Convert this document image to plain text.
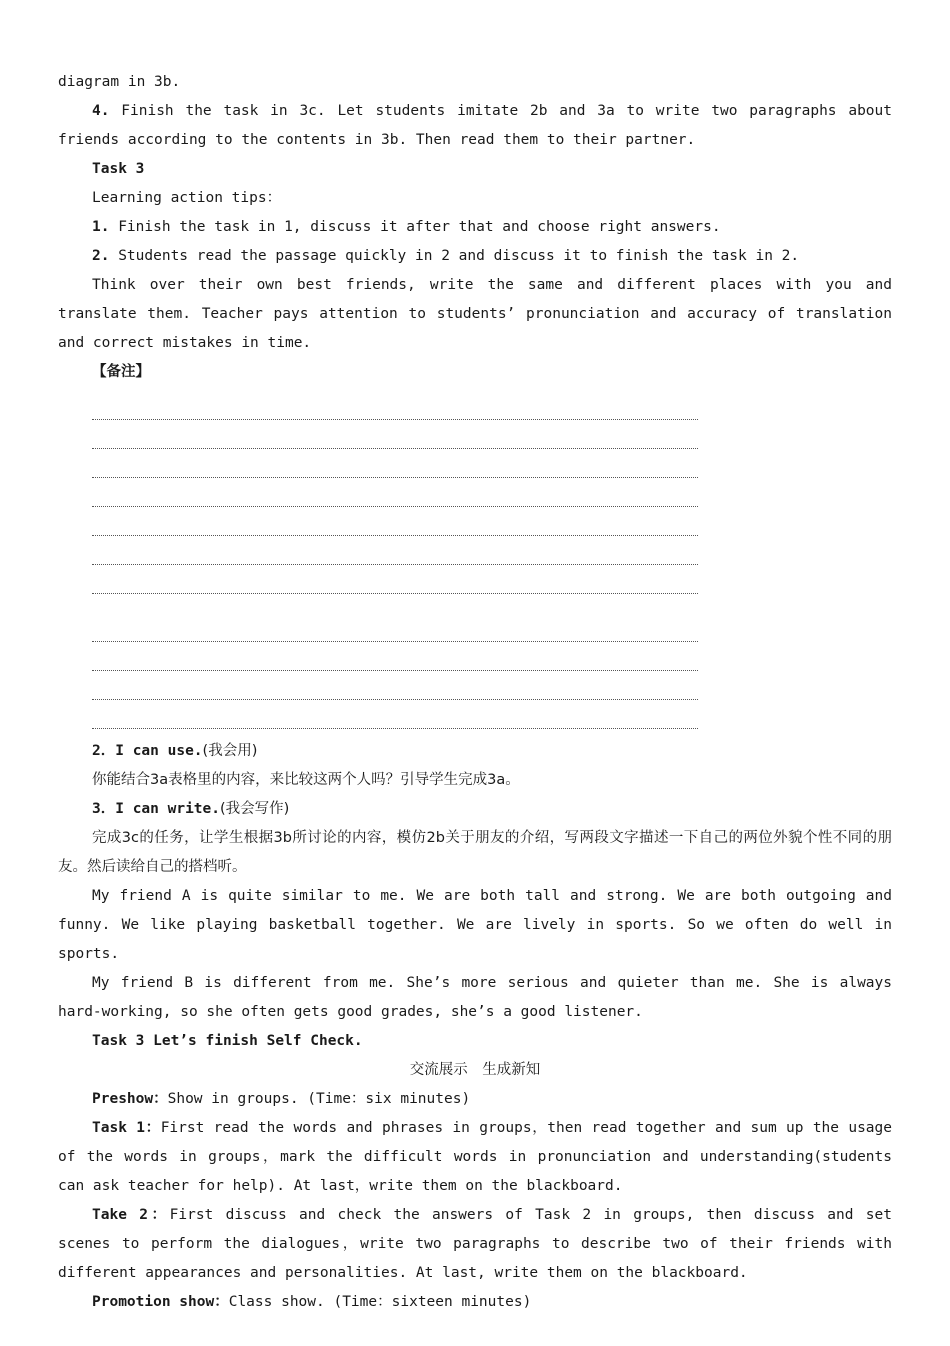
diagram in 3b.
4. Finish the task in 3c. Let students imitate 2b and 3a to write two paragraphs about friends according to the contents in 3b. Then read them to their partner.
Task 3
Learning action tips：
1. Finish the task in 1, discuss it after that and choose right answers.
2. Students read the passage quickly in 2 and discuss it to finish the task in 2.
Think over their own best friends, write the same and different places with you and translate them. Teacher pays attention to students’ pronunciation and accuracy of translation and correct mistakes in time.
【备注】
2．I can use.(我会用)
你能结合3a表格里的内容，来比较这两个人吗？引导学生完成3a。
3．I can write.(我会写作)
完成3c的任务，让学生根据3b所讨论的内容，模仿2b关于朋友的介绍，写两段文字描述一下自己的两位外貌个性不同的朋友。然后读给自己的搭档听。
My friend A is quite similar to me. We are both tall and strong. We are both outgoing and funny. We like playing basketball together. We are lively in sports. So we often do well in sports.
My friend B is different from me. She’s more serious and quieter than me. She is always hard-working, so she often gets good grades, she’s a good listener.
Task 3 Let’s finish Self Check.
交流展示　生成新知
Preshow：Show in groups. (Time：six minutes)
Task 1：First read the words and phrases in groups，then read together and sum up the usage of the words in groups，mark the difficult words in pronunciation and understanding(students can ask teacher for help). At last，write them on the blackboard.
Take 2：First discuss and check the answers of Task 2 in groups, then discuss and set scenes to perform the dialogues，write two paragraphs to describe two of their friends with different appearances and personalities. At last, write them on the blackboard.
Promotion show：Class show. (Time：sixteen minutes)
